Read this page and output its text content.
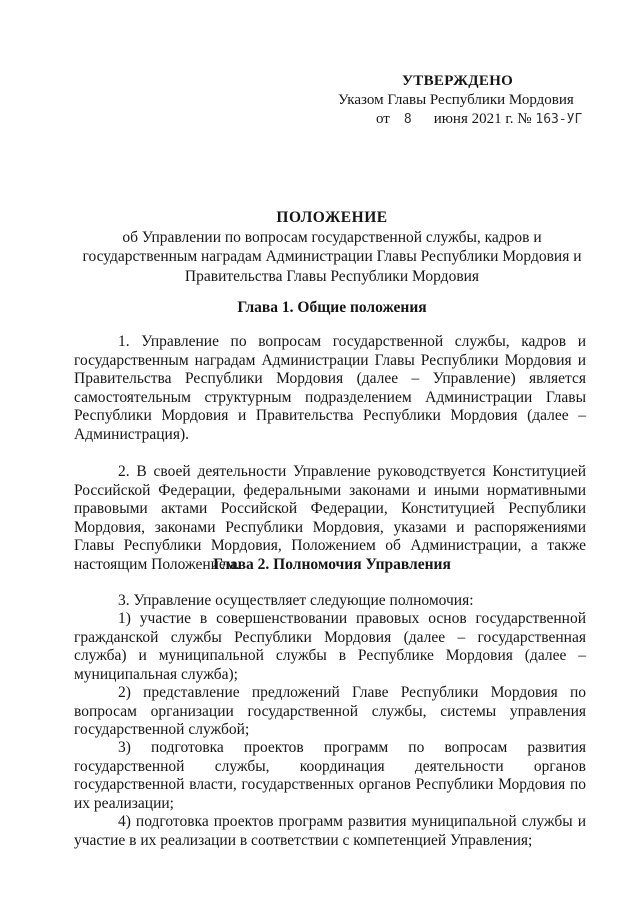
УТВЕРЖДЕНО
Указом Главы Республики Мордовия
от 8 июня 2021 г. № 163-УГ
ПОЛОЖЕНИЕ
об Управлении по вопросам государственной службы, кадров и
государственным наградам Администрации Главы Республики Мордовия и
Правительства Главы Республики Мордовия
Глава 1. Общие положения

1. Управление по вопросам государственной службы, кадров и государственным наградам Администрации Главы Республики Мордовия и Правительства Республики Мордовия (далее – Управление) является самостоятельным структурным подразделением Администрации Главы Республики Мордовия и Правительства Республики Мордовия (далее – Администрация).

2. В своей деятельности Управление руководствуется Конституцией Российской Федерации, федеральными законами и иными нормативными правовыми актами Российской Федерации, Конституцией Республики Мордовия, законами Республики Мордовия, указами и распоряжениями Главы Республики Мордовия, Положением об Администрации, а также настоящим Положением.

Глава 2. Полномочия Управления

3. Управление осуществляет следующие полномочия:

1) участие в совершенствовании правовых основ государственной гражданской службы Республики Мордовия (далее – государственная служба) и муниципальной службы в Республике Мордовия (далее – муниципальная служба);

2) представление предложений Главе Республики Мордовия по вопросам организации государственной службы, системы управления государственной службой;

3) подготовка проектов программ по вопросам развития государственной службы, координация деятельности органов государственной власти, государственных органов Республики Мордовия по их реализации;

4) подготовка проектов программ развития муниципальной службы и участие в их реализации в соответствии с компетенцией Управления;
